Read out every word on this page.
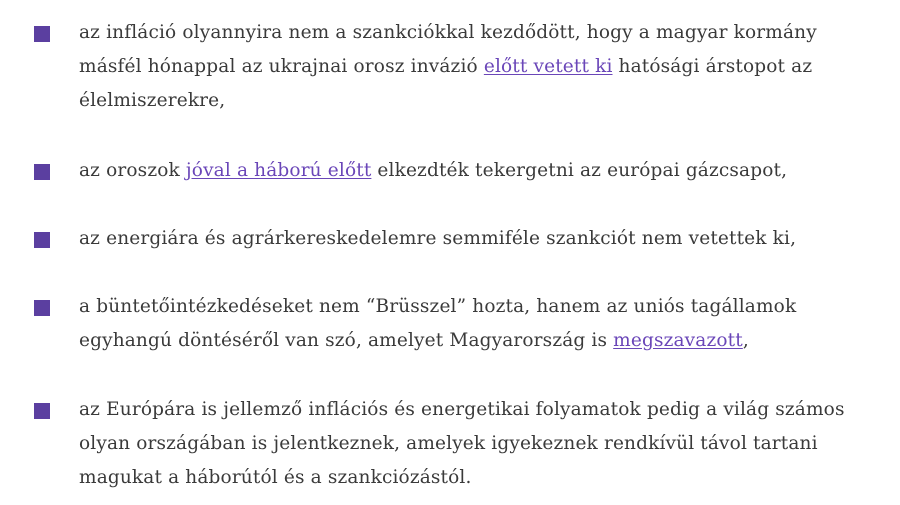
az infláció olyannyira nem a szankciókkal kezdődött, hogy a magyar kormány
másfél hónappal az ukrajnai orosz invázió előtt vetett ki hatósági árstopot az
élelmiszerekre,
az oroszok jóval a háború előtt elkezdték tekergetni az európai gázcsapot,
az energiára és agrárkereskedelemre semmiféle szankciót nem vetettek ki,
a büntetőintézkedéseket nem “Brüsszel” hozta, hanem az uniós tagállamok
egyhangú döntéséről van szó, amelyet Magyarország is megszavazott,
az Európára is jellemző inflációs és energetikai folyamatok pedig a világ számos
olyan országában is jelentkeznek, amelyek igyekeznek rendkívül távol tartani
magukat a háborútól és a szankciózástól.
